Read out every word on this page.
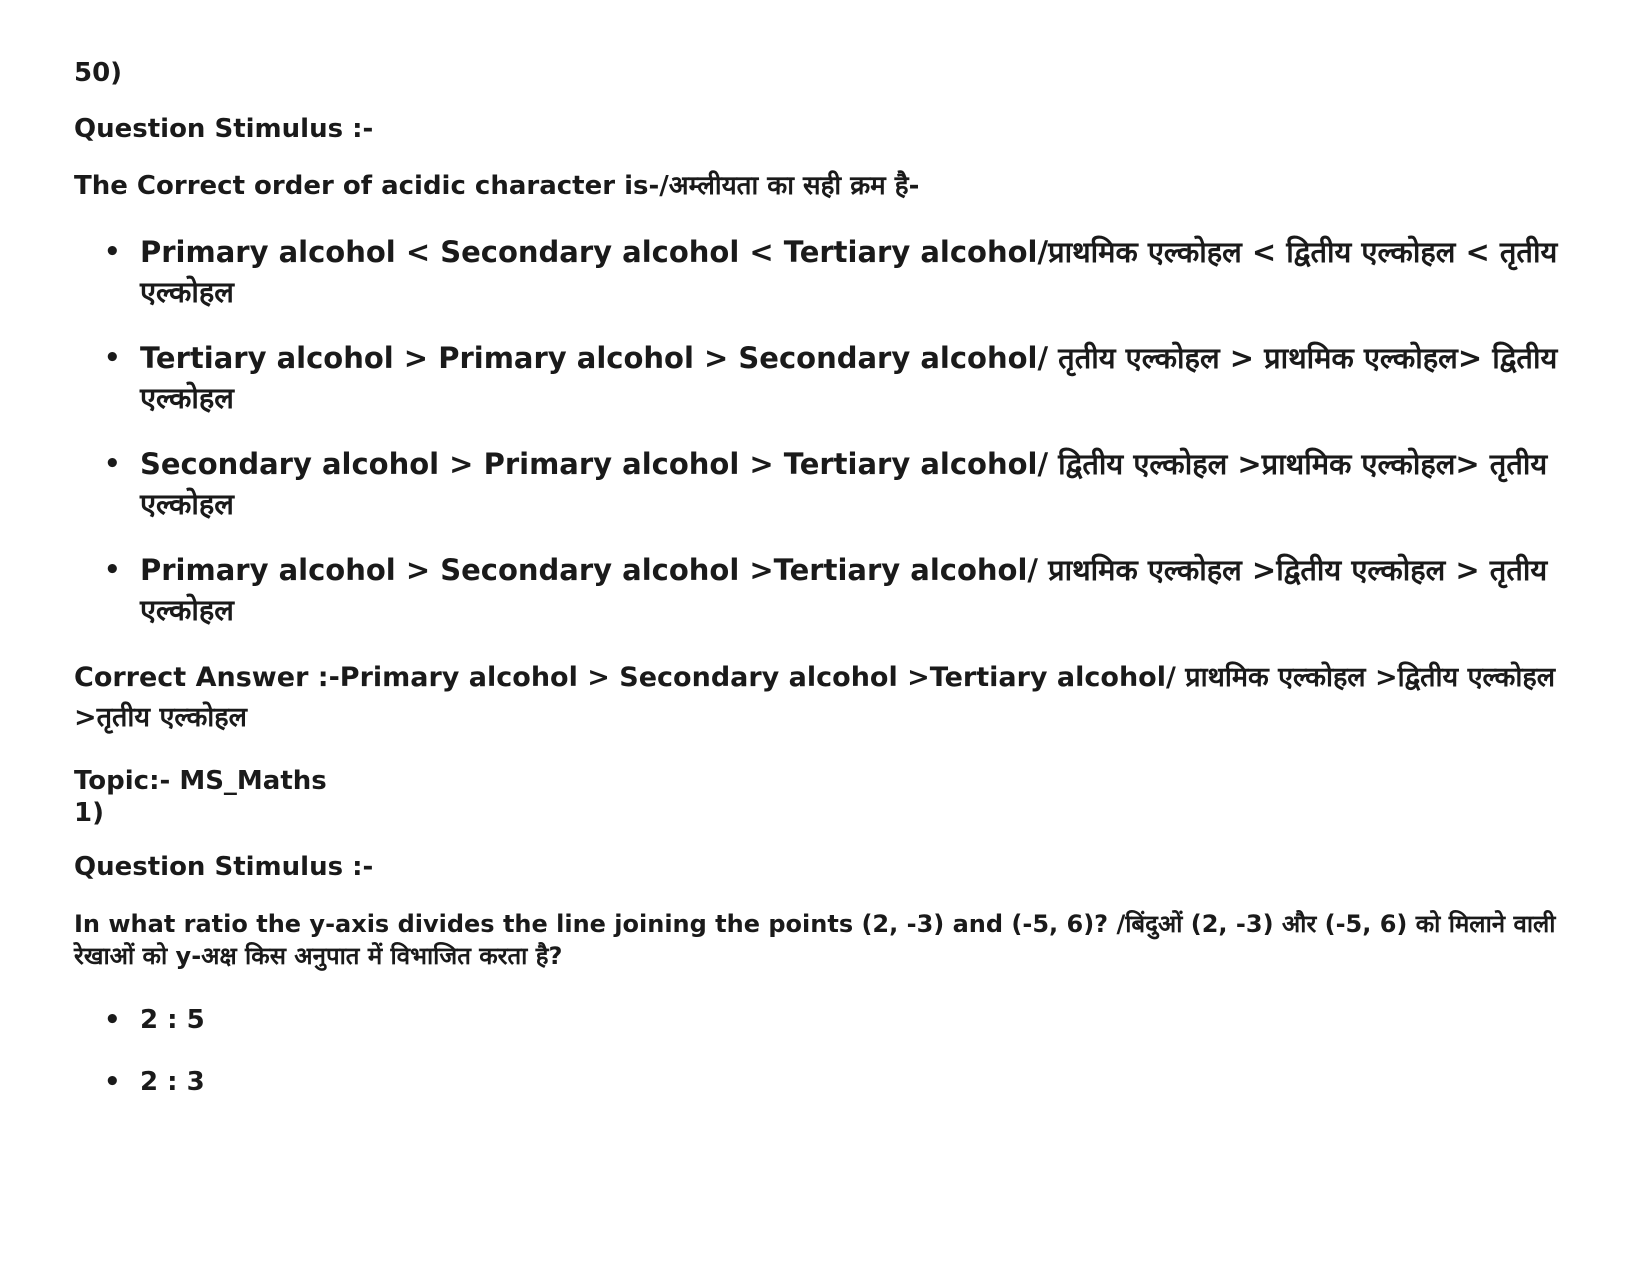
50)
Question Stimulus :-
The Correct order of acidic character is-/अम्लीयता का सही क्रम है-
• Primary alcohol < Secondary alcohol < Tertiary alcohol/प्राथमिक एल्कोहल < द्वितीय एल्कोहल < तृतीय एल्कोहल
• Tertiary alcohol > Primary alcohol > Secondary alcohol/ तृतीय एल्कोहल > प्राथमिक एल्कोहल> द्वितीय एल्कोहल
• Secondary alcohol > Primary alcohol > Tertiary alcohol/ द्वितीय एल्कोहल >प्राथमिक एल्कोहल> तृतीय एल्कोहल
• Primary alcohol > Secondary alcohol >Tertiary alcohol/ प्राथमिक एल्कोहल >द्वितीय एल्कोहल > तृतीय एल्कोहल
Correct Answer :-Primary alcohol > Secondary alcohol >Tertiary alcohol/ प्राथमिक एल्कोहल >द्वितीय एल्कोहल >तृतीय एल्कोहल
Topic:- MS_Maths
1)
Question Stimulus :-
In what ratio the y-axis divides the line joining the points (2, -3) and (-5, 6)? /बिंदुओं (2, -3) और (-5, 6) को मिलाने वाली रेखाओं को y-अक्ष किस अनुपात में विभाजित करता है?
• 2 : 5
• 2 : 3
